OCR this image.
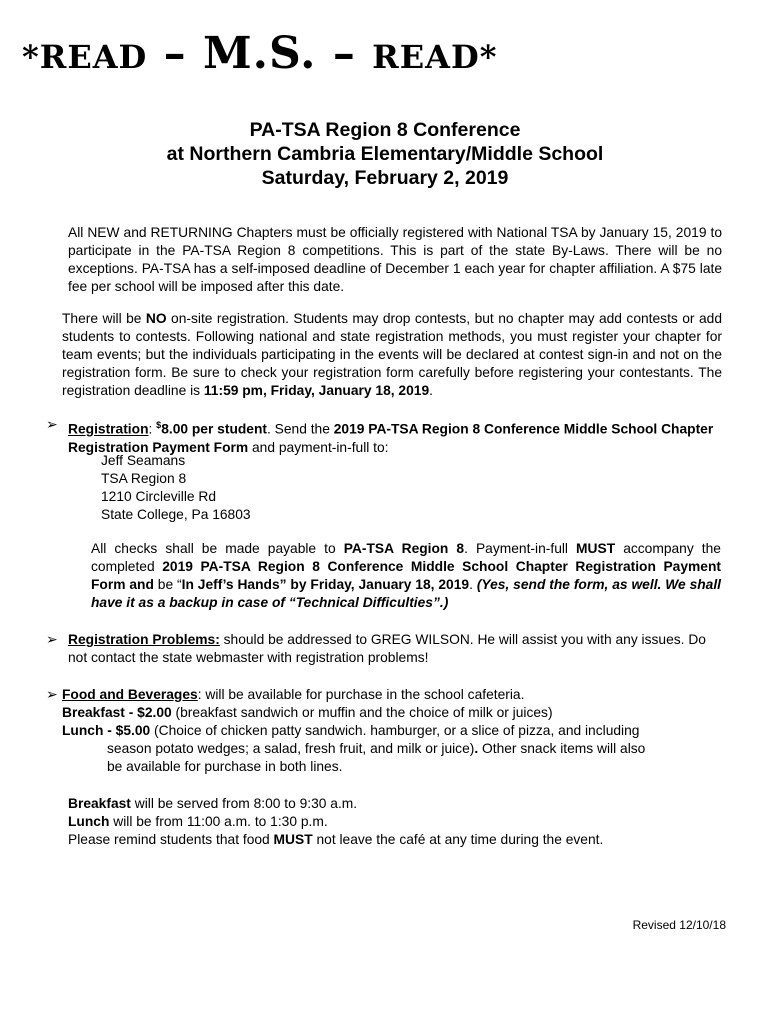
*READ – M.S. – READ*
PA-TSA Region 8 Conference
at Northern Cambria Elementary/Middle School
Saturday, February 2, 2019
All NEW and RETURNING Chapters must be officially registered with National TSA by January 15, 2019 to participate in the PA-TSA Region 8 competitions. This is part of the state By-Laws. There will be no exceptions. PA-TSA has a self-imposed deadline of December 1 each year for chapter affiliation. A $75 late fee per school will be imposed after this date.
There will be NO on-site registration. Students may drop contests, but no chapter may add contests or add students to contests. Following national and state registration methods, you must register your chapter for team events; but the individuals participating in the events will be declared at contest sign-in and not on the registration form. Be sure to check your registration form carefully before registering your contestants. The registration deadline is 11:59 pm, Friday, January 18, 2019.
➢ Registration: $8.00 per student. Send the 2019 PA-TSA Region 8 Conference Middle School Chapter Registration Payment Form and payment-in-full to:
Jeff Seamans
TSA Region 8
1210 Circleville Rd
State College, Pa 16803
All checks shall be made payable to PA-TSA Region 8. Payment-in-full MUST accompany the completed 2019 PA-TSA Region 8 Conference Middle School Chapter Registration Payment Form and be “In Jeff’s Hands” by Friday, January 18, 2019. (Yes, send the form, as well. We shall have it as a backup in case of “Technical Difficulties”.)
➢ Registration Problems: should be addressed to GREG WILSON. He will assist you with any issues. Do not contact the state webmaster with registration problems!
➢ Food and Beverages: will be available for purchase in the school cafeteria.
Breakfast - $2.00 (breakfast sandwich or muffin and the choice of milk or juices)
Lunch - $5.00 (Choice of chicken patty sandwich. hamburger, or a slice of pizza, and including
season potato wedges; a salad, fresh fruit, and milk or juice). Other snack items will also
be available for purchase in both lines.
Breakfast will be served from 8:00 to 9:30 a.m.
Lunch will be from 11:00 a.m. to 1:30 p.m.
Please remind students that food MUST not leave the café at any time during the event.
Revised 12/10/18
